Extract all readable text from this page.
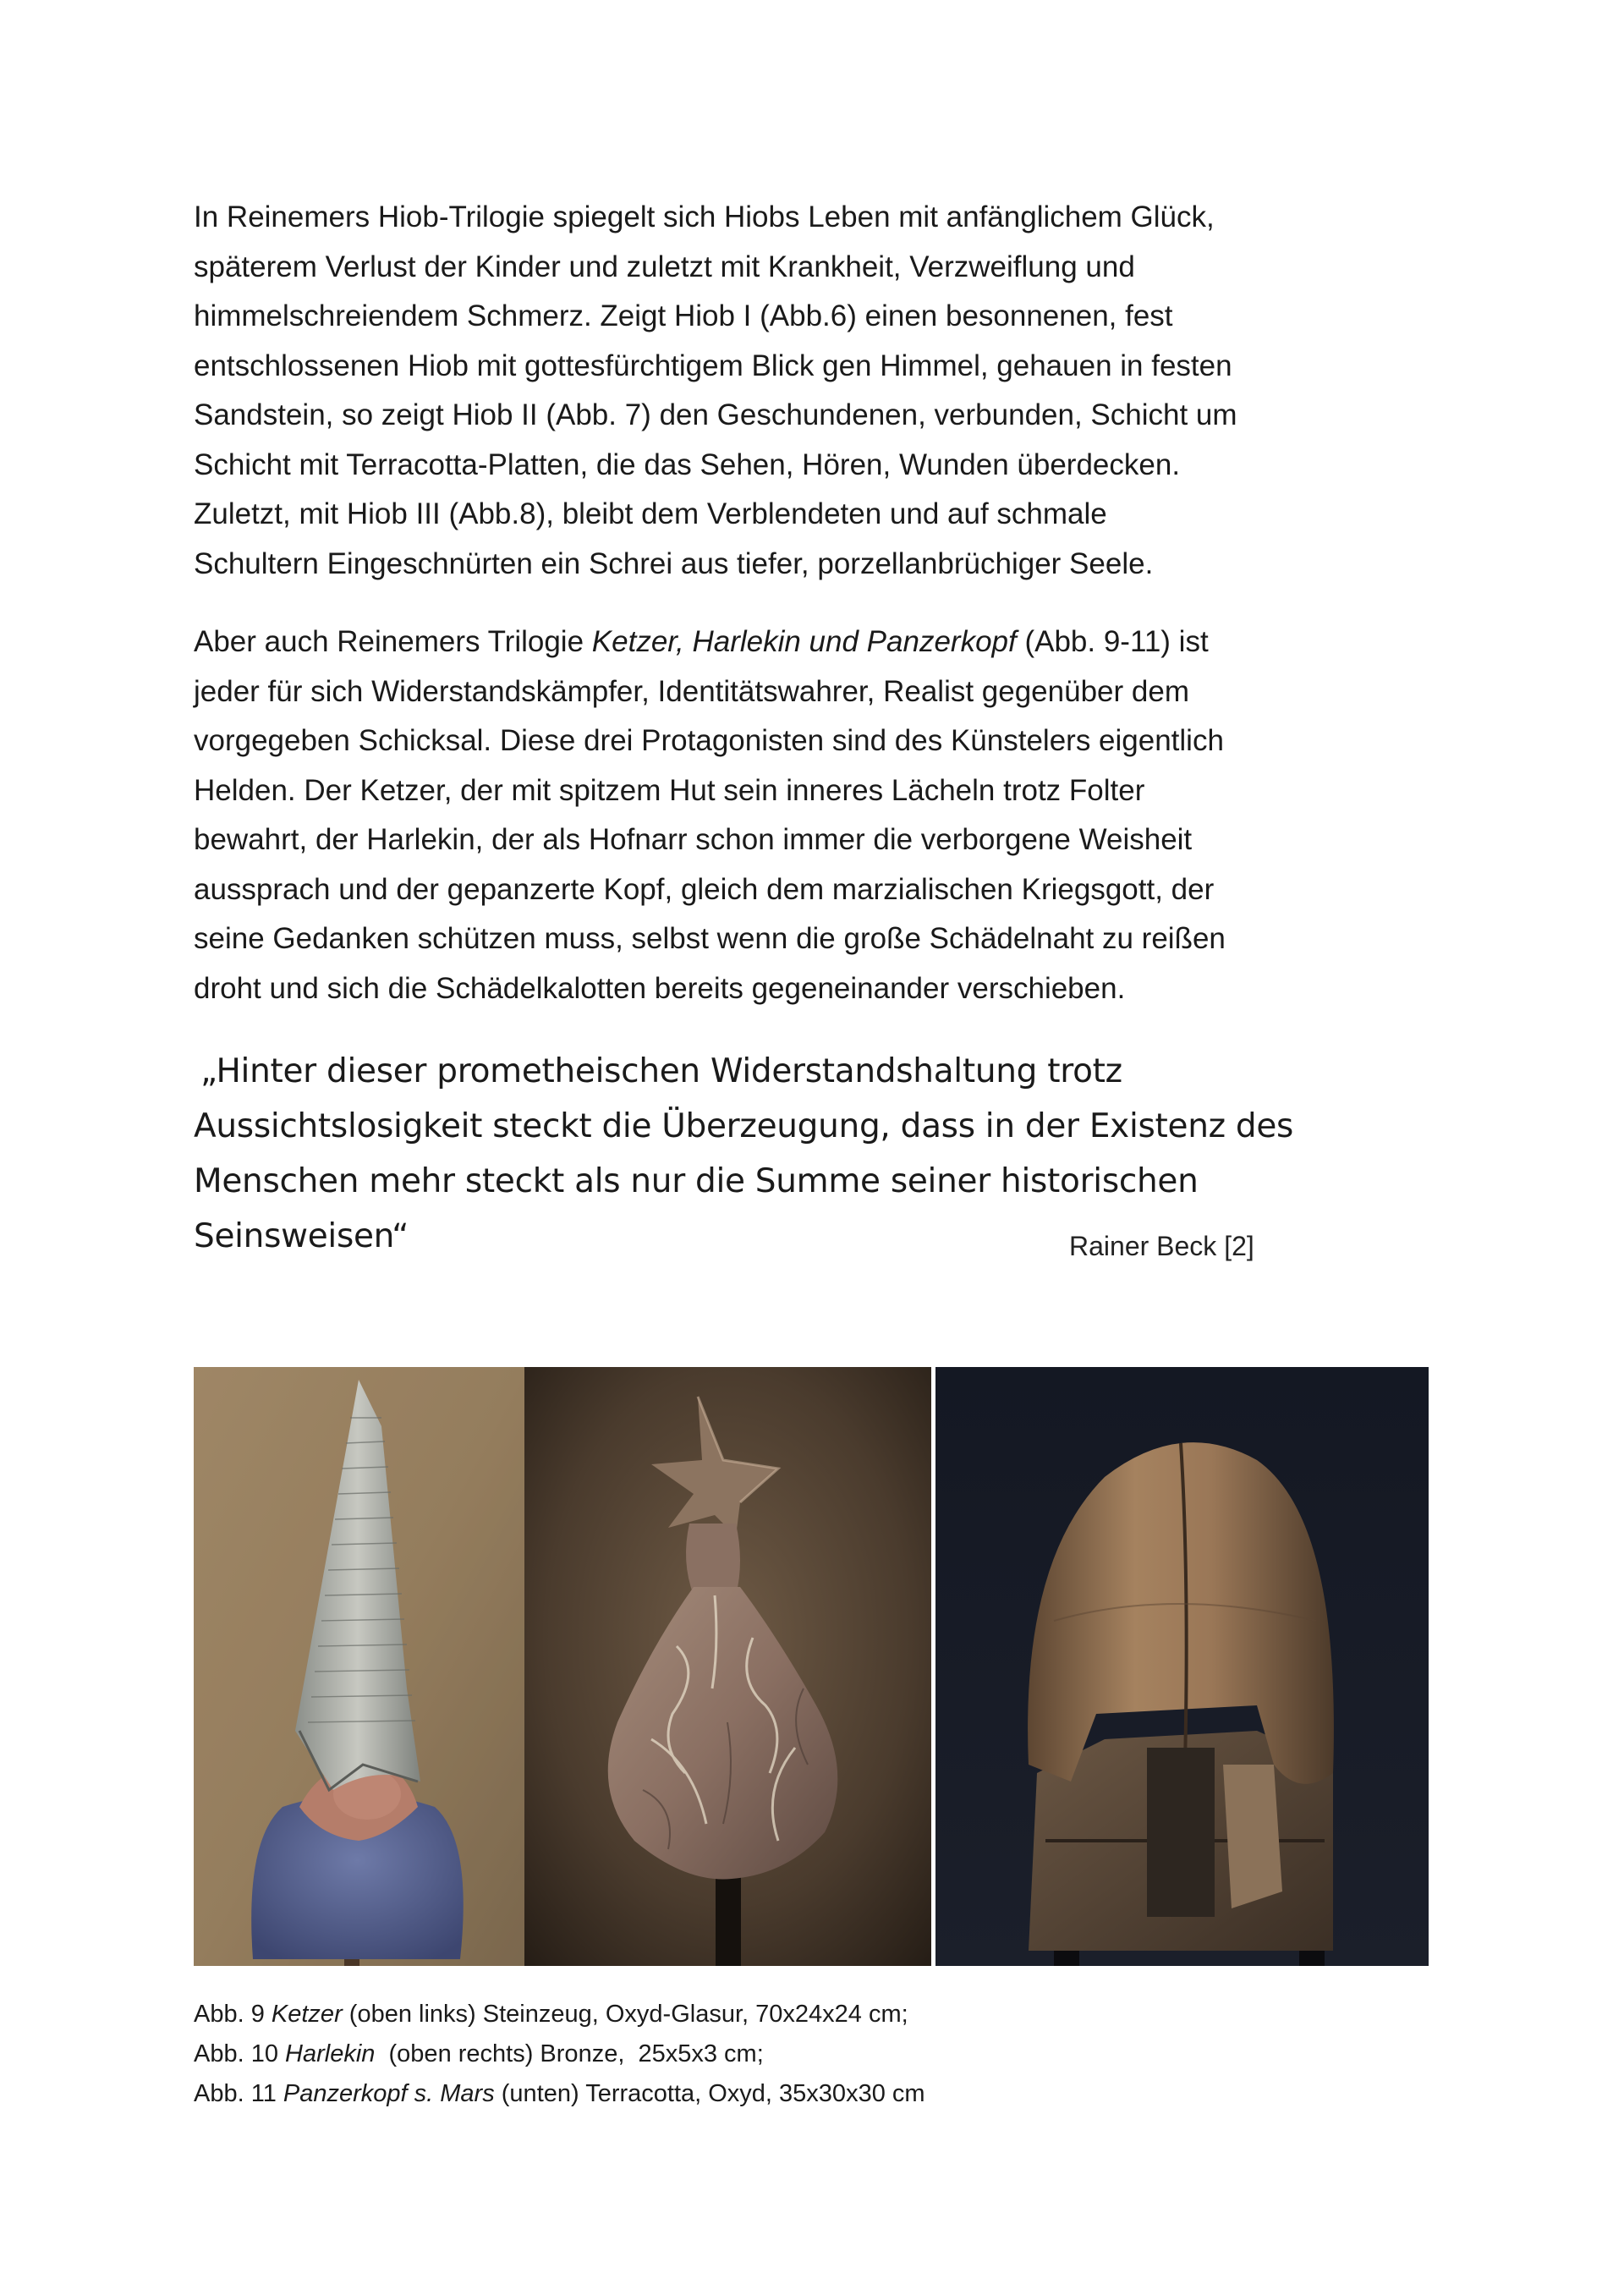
In Reinemers Hiob-Trilogie spiegelt sich Hiobs Leben mit anfänglichem Glück,
späterem Verlust der Kinder und zuletzt mit Krankheit, Verzweiflung und
himmelschreiendem Schmerz. Zeigt Hiob I (Abb.6) einen besonnenen, fest
entschlossenen Hiob mit gottesfürchtigem Blick gen Himmel, gehauen in festen
Sandstein, so zeigt Hiob II (Abb. 7) den Geschundenen, verbunden, Schicht um
Schicht mit Terracotta-Platten, die das Sehen, Hören, Wunden überdecken.
Zuletzt, mit Hiob III (Abb.8), bleibt dem Verblendeten und auf schmale
Schultern Eingeschnürten ein Schrei aus tiefer, porzellanbrüchiger Seele.
Aber auch Reinemers Trilogie Ketzer, Harlekin und Panzerkopf (Abb. 9-11) ist
jeder für sich Widerstandskämpfer, Identitätswahrer, Realist gegenüber dem
vorgegeben Schicksal. Diese drei Protagonisten sind des Künstelers eigentlich
Helden. Der Ketzer, der mit spitzem Hut sein inneres Lächeln trotz Folter
bewahrt, der Harlekin, der als Hofnarr schon immer die verborgene Weisheit
aussprach und der gepanzerte Kopf, gleich dem marzialischen Kriegsgott, der
seine Gedanken schützen muss, selbst wenn die große Schädelnaht zu reißen
droht und sich die Schädelkalotten bereits gegeneinander verschieben.
„Hinter dieser prometheischen Widerstandshaltung trotz
Aussichtslosigkeit steckt die Überzeugung, dass in der Existenz des
Menschen mehr steckt als nur die Summe seiner historischen
Seinsweisen“	Rainer Beck [2]
Abb. 9 Ketzer (oben links) Steinzeug, Oxyd-Glasur, 70x24x24 cm;
Abb. 10 Harlekin  (oben rechts) Bronze,  25x5x3 cm;
Abb. 11 Panzerkopf s. Mars (unten) Terracotta, Oxyd, 35x30x30 cm
